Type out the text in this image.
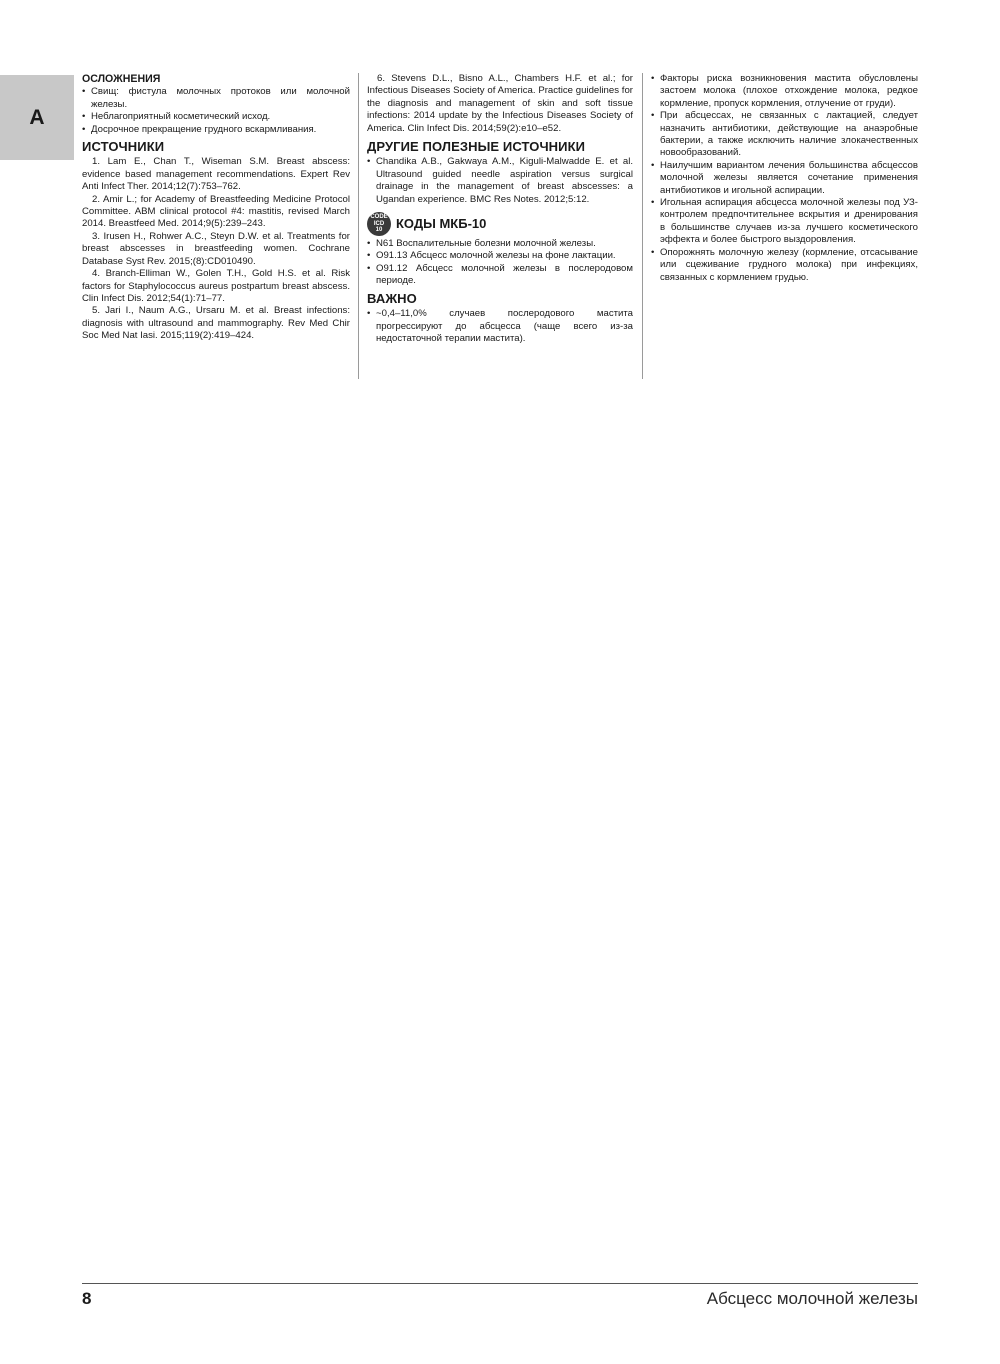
А
ОСЛОЖНЕНИЯ
• Свищ: фистула молочных протоков или молочной железы.
• Неблагоприятный косметический исход.
• Досрочное прекращение грудного вскармливания.
ИСТОЧНИКИ

1. Lam E., Chan T., Wiseman S.M. Breast abscess: evidence based management recommendations. Expert Rev Anti Infect Ther. 2014;12(7):753–762.

2. Amir L.; for Academy of Breastfeeding Medicine Protocol Committee. ABM clinical protocol #4: mastitis, revised March 2014. Breastfeed Med. 2014;9(5):239–243.

3. Irusen H., Rohwer A.C., Steyn D.W. et al. Treatments for breast abscesses in breastfeeding women. Cochrane Database Syst Rev. 2015;(8):CD010490.

4. Branch-Elliman W., Golen T.H., Gold H.S. et al. Risk factors for Staphylococcus aureus postpartum breast abscess. Clin Infect Dis. 2012;54(1):71–77.

5. Jari I., Naum A.G., Ursaru M. et al. Breast infections: diagnosis with ultrasound and mammography. Rev Med Chir Soc Med Nat Iasi. 2015;119(2):419–424.

6. Stevens D.L., Bisno A.L., Chambers H.F. et al.; for Infectious Diseases Society of America. Practice guidelines for the diagnosis and management of skin and soft tissue infections: 2014 update by the Infectious Diseases Society of America. Clin Infect Dis. 2014;59(2):e10–e52.

ДРУГИЕ ПОЛЕЗНЫЕ ИСТОЧНИКИ
• Chandika A.B., Gakwaya A.M., Kiguli-Malwadde E. et al. Ultrasound guided needle aspiration versus surgical drainage in the management of breast abscesses: a Ugandan experience. BMC Res Notes. 2012;5:12.
CODE
ICD
10 КОДЫ МКБ-10
• N61 Воспалительные болезни молочной железы.
• O91.13 Абсцесс молочной железы на фоне лактации.
• O91.12 Абсцесс молочной железы в послеродовом периоде.
ВАЖНО
• ~0,4–11,0% случаев послеродового мастита прогрессируют до абсцесса (чаще всего из-за недостаточной терапии мастита).
• Факторы риска возникновения мастита обусловлены застоем молока (плохое отхождение молока, редкое кормление, пропуск кормления, отлучение от груди).
• При абсцессах, не связанных с лактацией, следует назначить антибиотики, действующие на анаэробные бактерии, а также исключить наличие злокачественных новообразований.
• Наилучшим вариантом лечения большинства абсцессов молочной железы является сочетание применения антибиотиков и игольной аспирации.
• Игольная аспирация абсцесса молочной железы под УЗ-контролем предпочтительнее вскрытия и дренирования в большинстве случаев из-за лучшего косметического эффекта и более быстрого выздоровления.
• Опорожнять молочную железу (кормление, отсасывание или сцеживание грудного молока) при инфекциях, связанных с кормлением грудью.
8	Абсцесс молочной железы
